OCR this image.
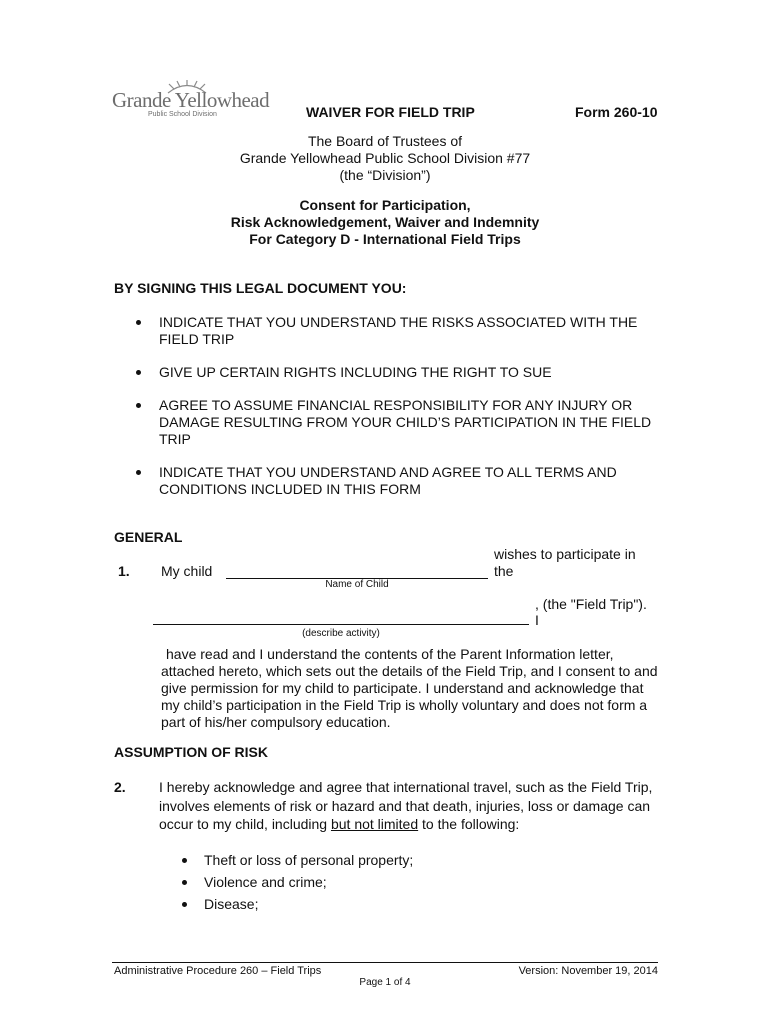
Grande Yellowhead
Public School Division	WAIVER FOR FIELD TRIP	Form 260-10
The Board of Trustees of
Grande Yellowhead Public School Division #77
(the “Division”)
Consent for Participation,
Risk Acknowledgement, Waiver and Indemnity
For Category D - International Field Trips
BY SIGNING THIS LEGAL DOCUMENT YOU:
INDICATE THAT YOU UNDERSTAND THE RISKS ASSOCIATED WITH THE
FIELD TRIP
GIVE UP CERTAIN RIGHTS INCLUDING THE RIGHT TO SUE
AGREE TO ASSUME FINANCIAL RESPONSIBILITY FOR ANY INJURY OR
DAMAGE RESULTING FROM YOUR CHILD’S PARTICIPATION IN THE FIELD
TRIP
INDICATE THAT YOU UNDERSTAND AND AGREE TO ALL TERMS AND
CONDITIONS INCLUDED IN THIS FORM
GENERAL
wishes to participate in
1. My child	the
Name of Child
, (the "Field Trip").
I
(describe activity)
have read and I understand the contents of the Parent Information letter,
attached hereto, which sets out the details of the Field Trip, and I consent to and
give permission for my child to participate. I understand and acknowledge that
my child’s participation in the Field Trip is wholly voluntary and does not form a
part of his/her compulsory education.
ASSUMPTION OF RISK
2. I hereby acknowledge and agree that international travel, such as the Field Trip,
involves elements of risk or hazard and that death, injuries, loss or damage can
occur to my child, including but not limited to the following:
Theft or loss of personal property;
Violence and crime;
Disease;
Administrative Procedure 260 – Field Trips	Version: November 19, 2014
Page 1 of 4
